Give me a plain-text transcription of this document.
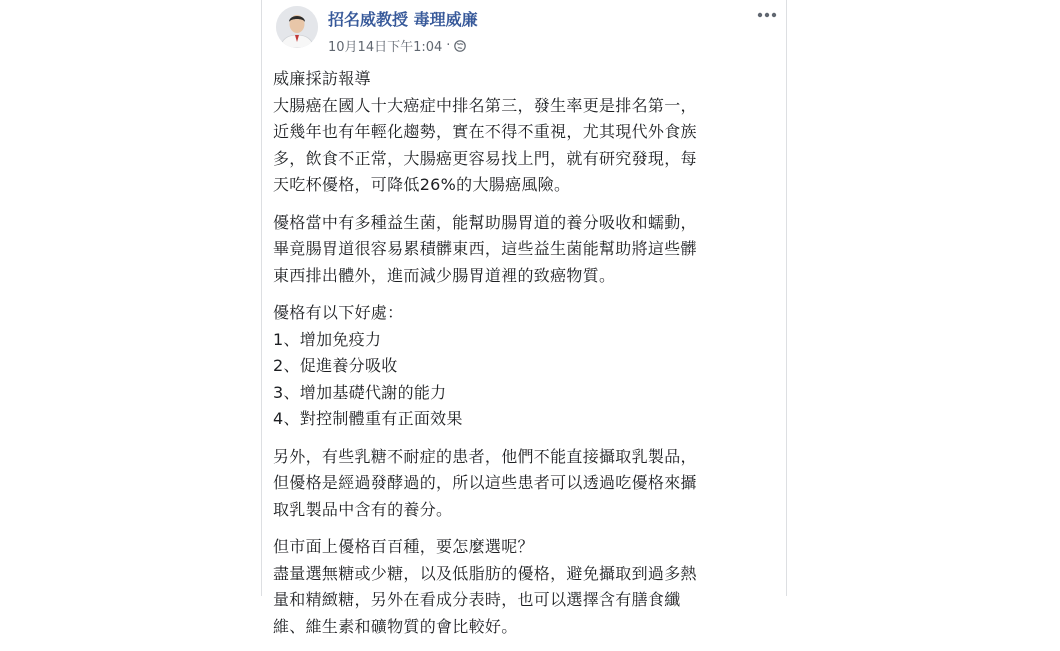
招名威教授 毒理威廉
10月14日下午1:04 ·

威廉採訪報導
大腸癌在國人十大癌症中排名第三，發生率更是排名第一，
近幾年也有年輕化趨勢，實在不得不重視，尤其現代外食族
多，飲食不正常，大腸癌更容易找上門，就有研究發現，每
天吃杯優格，可降低26%的大腸癌風險。

優格當中有多種益生菌，能幫助腸胃道的養分吸收和蠕動，
畢竟腸胃道很容易累積髒東西，這些益生菌能幫助將這些髒
東西排出體外，進而減少腸胃道裡的致癌物質。

優格有以下好處：
1、增加免疫力
2、促進養分吸收
3、增加基礎代謝的能力
4、對控制體重有正面效果

另外，有些乳糖不耐症的患者，他們不能直接攝取乳製品，
但優格是經過發酵過的，所以這些患者可以透過吃優格來攝
取乳製品中含有的養分。

但市面上優格百百種，要怎麼選呢？
盡量選無糖或少糖，以及低脂肪的優格，避免攝取到過多熱
量和精緻糖，另外在看成分表時，也可以選擇含有膳食纖
維、維生素和礦物質的會比較好。
